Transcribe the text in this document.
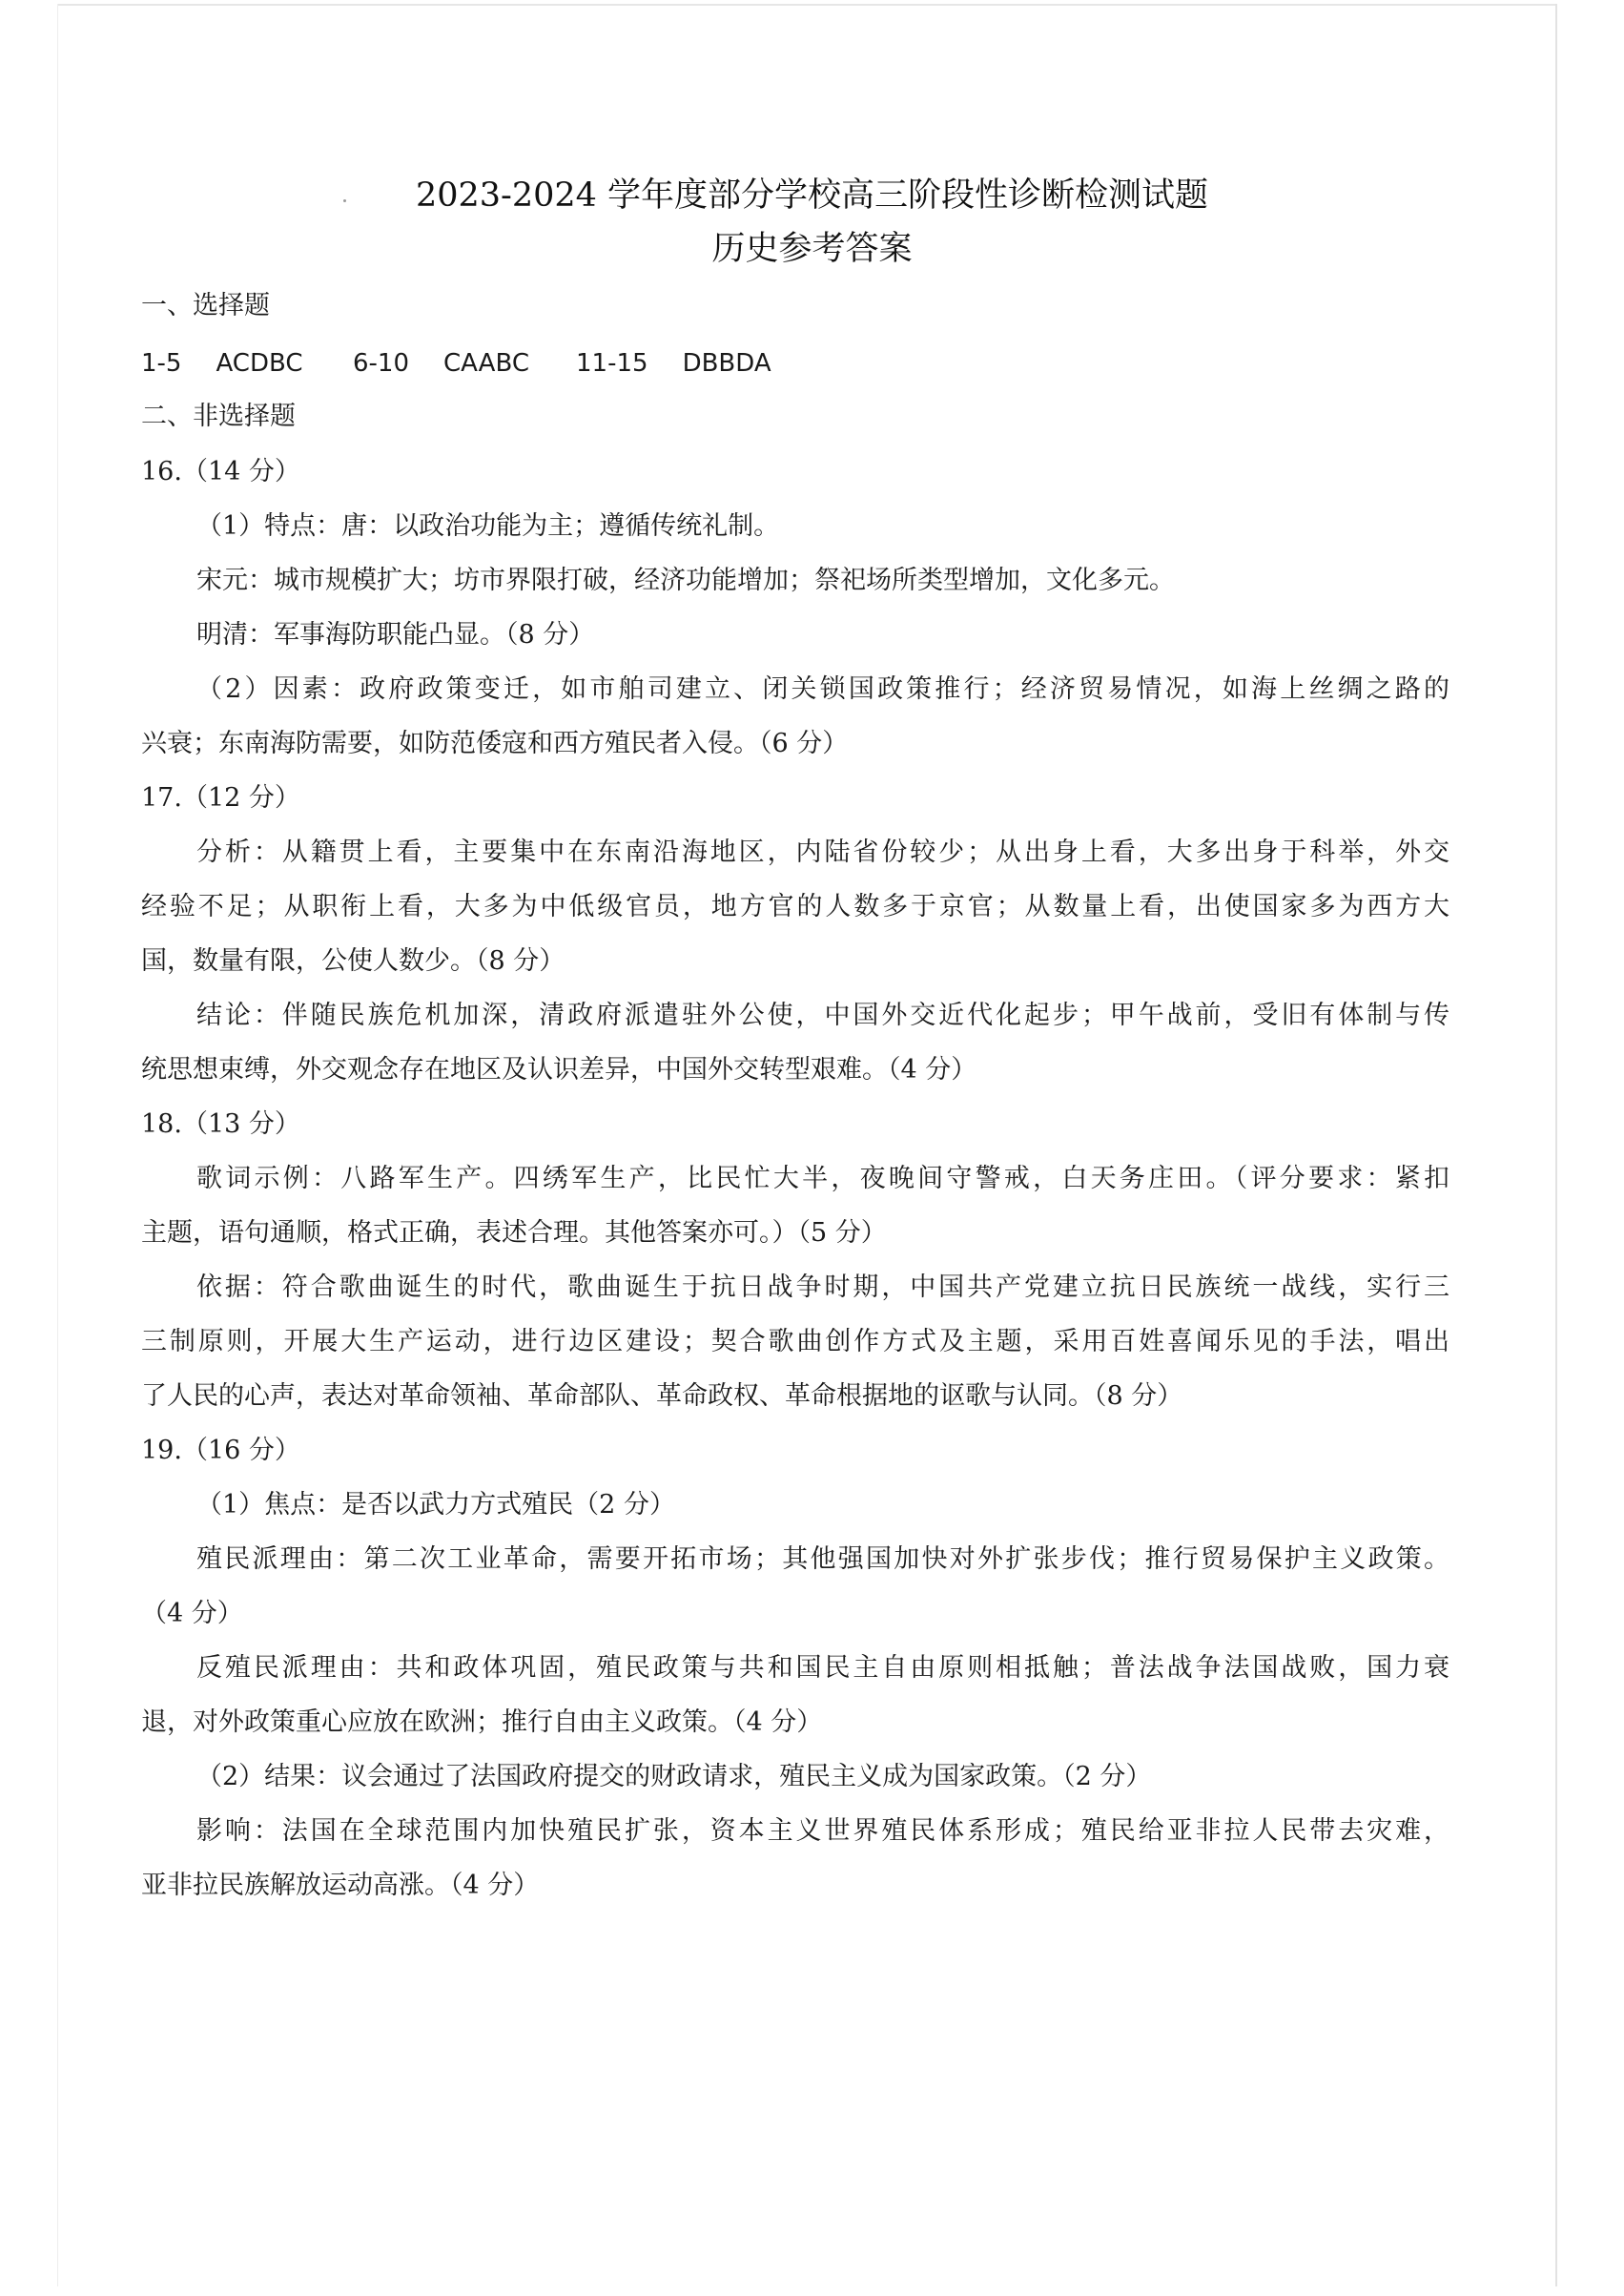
2023-2024 学年度部分学校高三阶段性诊断检测试题
历史参考答案
一、选择题
1-5 ACDBC 6-10 CAABC 11-15 DBBDA
二、非选择题
16.（14 分）
（1）特点：唐：以政治功能为主；遵循传统礼制。
宋元：城市规模扩大；坊市界限打破，经济功能增加；祭祀场所类型增加，文化多元。
明清：军事海防职能凸显。（8 分）
（2）因素：政府政策变迁，如市舶司建立、闭关锁国政策推行；经济贸易情况，如海上丝绸之路的
兴衰；东南海防需要，如防范倭寇和西方殖民者入侵。（6 分）
17.（12 分）
分析：从籍贯上看，主要集中在东南沿海地区，内陆省份较少；从出身上看，大多出身于科举，外交
经验不足；从职衔上看，大多为中低级官员，地方官的人数多于京官；从数量上看，出使国家多为西方大
国，数量有限，公使人数少。（8 分）
结论：伴随民族危机加深，清政府派遣驻外公使，中国外交近代化起步；甲午战前，受旧有体制与传
统思想束缚，外交观念存在地区及认识差异，中国外交转型艰难。（4 分）
18.（13 分）
歌词示例：八路军生产。四绣军生产，比民忙大半，夜晚间守警戒，白天务庄田。（评分要求：紧扣
主题，语句通顺，格式正确，表述合理。其他答案亦可。）（5 分）
依据：符合歌曲诞生的时代，歌曲诞生于抗日战争时期，中国共产党建立抗日民族统一战线，实行三
三制原则，开展大生产运动，进行边区建设；契合歌曲创作方式及主题，采用百姓喜闻乐见的手法，唱出
了人民的心声，表达对革命领袖、革命部队、革命政权、革命根据地的讴歌与认同。（8 分）
19.（16 分）
（1）焦点：是否以武力方式殖民（2 分）
殖民派理由：第二次工业革命，需要开拓市场；其他强国加快对外扩张步伐；推行贸易保护主义政策。
（4 分）
反殖民派理由：共和政体巩固，殖民政策与共和国民主自由原则相抵触；普法战争法国战败，国力衰
退，对外政策重心应放在欧洲；推行自由主义政策。（4 分）
（2）结果：议会通过了法国政府提交的财政请求，殖民主义成为国家政策。（2 分）
影响：法国在全球范围内加快殖民扩张，资本主义世界殖民体系形成；殖民给亚非拉人民带去灾难，
亚非拉民族解放运动高涨。（4 分）
